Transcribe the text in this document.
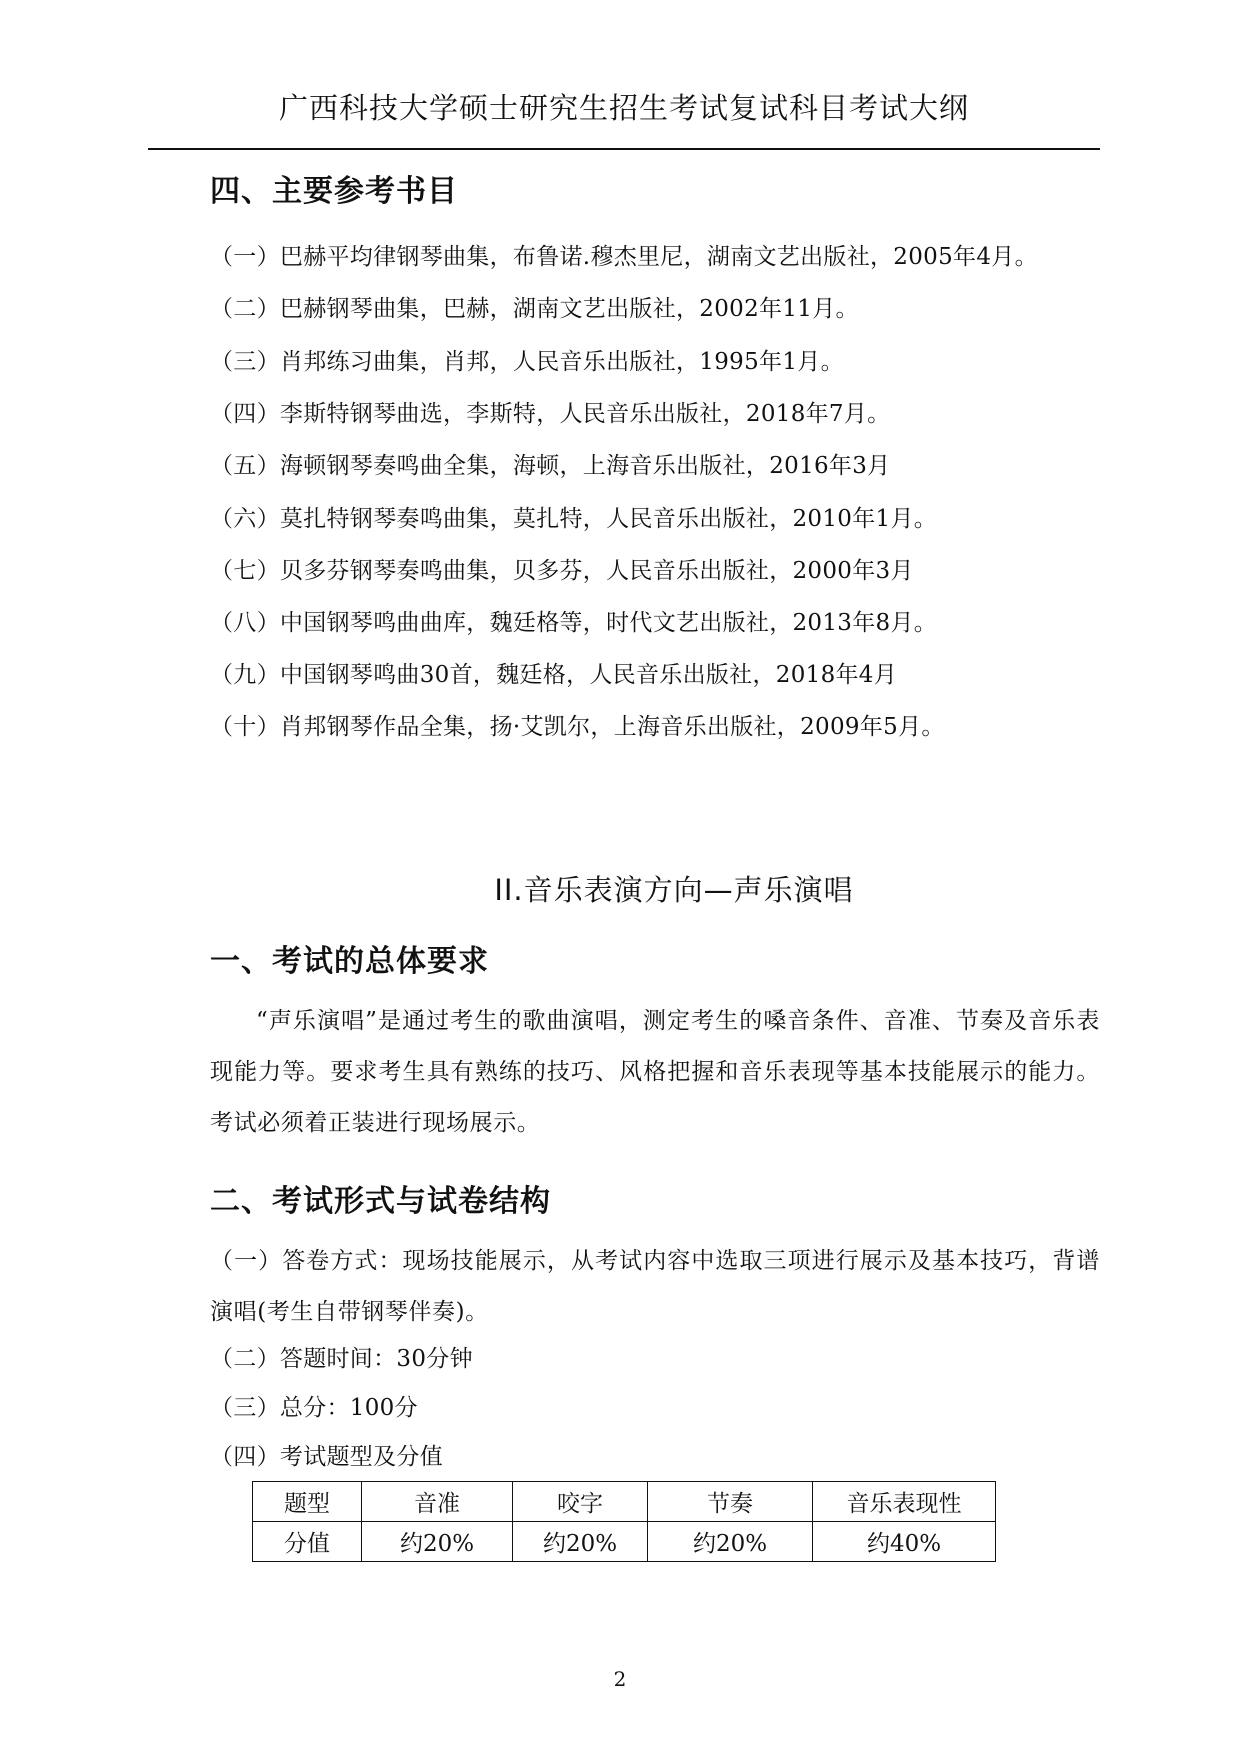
广西科技大学硕士研究生招生考试复试科目考试大纲
四、主要参考书目
（一）巴赫平均律钢琴曲集，布鲁诺.穆杰里尼，湖南文艺出版社，2005年4月。
（二）巴赫钢琴曲集，巴赫，湖南文艺出版社，2002年11月。
（三）肖邦练习曲集，肖邦，人民音乐出版社，1995年1月。
（四）李斯特钢琴曲选，李斯特，人民音乐出版社，2018年7月。
（五）海顿钢琴奏鸣曲全集，海顿，上海音乐出版社，2016年3月
（六）莫扎特钢琴奏鸣曲集，莫扎特，人民音乐出版社，2010年1月。
（七）贝多芬钢琴奏鸣曲集，贝多芬，人民音乐出版社，2000年3月
（八）中国钢琴鸣曲曲库，魏廷格等，时代文艺出版社，2013年8月。
（九）中国钢琴鸣曲30首，魏廷格，人民音乐出版社，2018年4月
（十）肖邦钢琴作品全集，扬·艾凯尔，上海音乐出版社，2009年5月。
II.音乐表演方向—声乐演唱
一、考试的总体要求
“声乐演唱”是通过考生的歌曲演唱，测定考生的嗓音条件、音准、节奏及音乐表现能力等。要求考生具有熟练的技巧、风格把握和音乐表现等基本技能展示的能力。考试必须着正装进行现场展示。
二、考试形式与试卷结构
（一）答卷方式：现场技能展示，从考试内容中选取三项进行展示及基本技巧，背谱演唱(考生自带钢琴伴奏)。
（二）答题时间：30分钟
（三）总分：100分
（四）考试题型及分值
题型	音准	咬字	节奏	音乐表现性
分值	约20%	约20%	约20%	约40%
2
